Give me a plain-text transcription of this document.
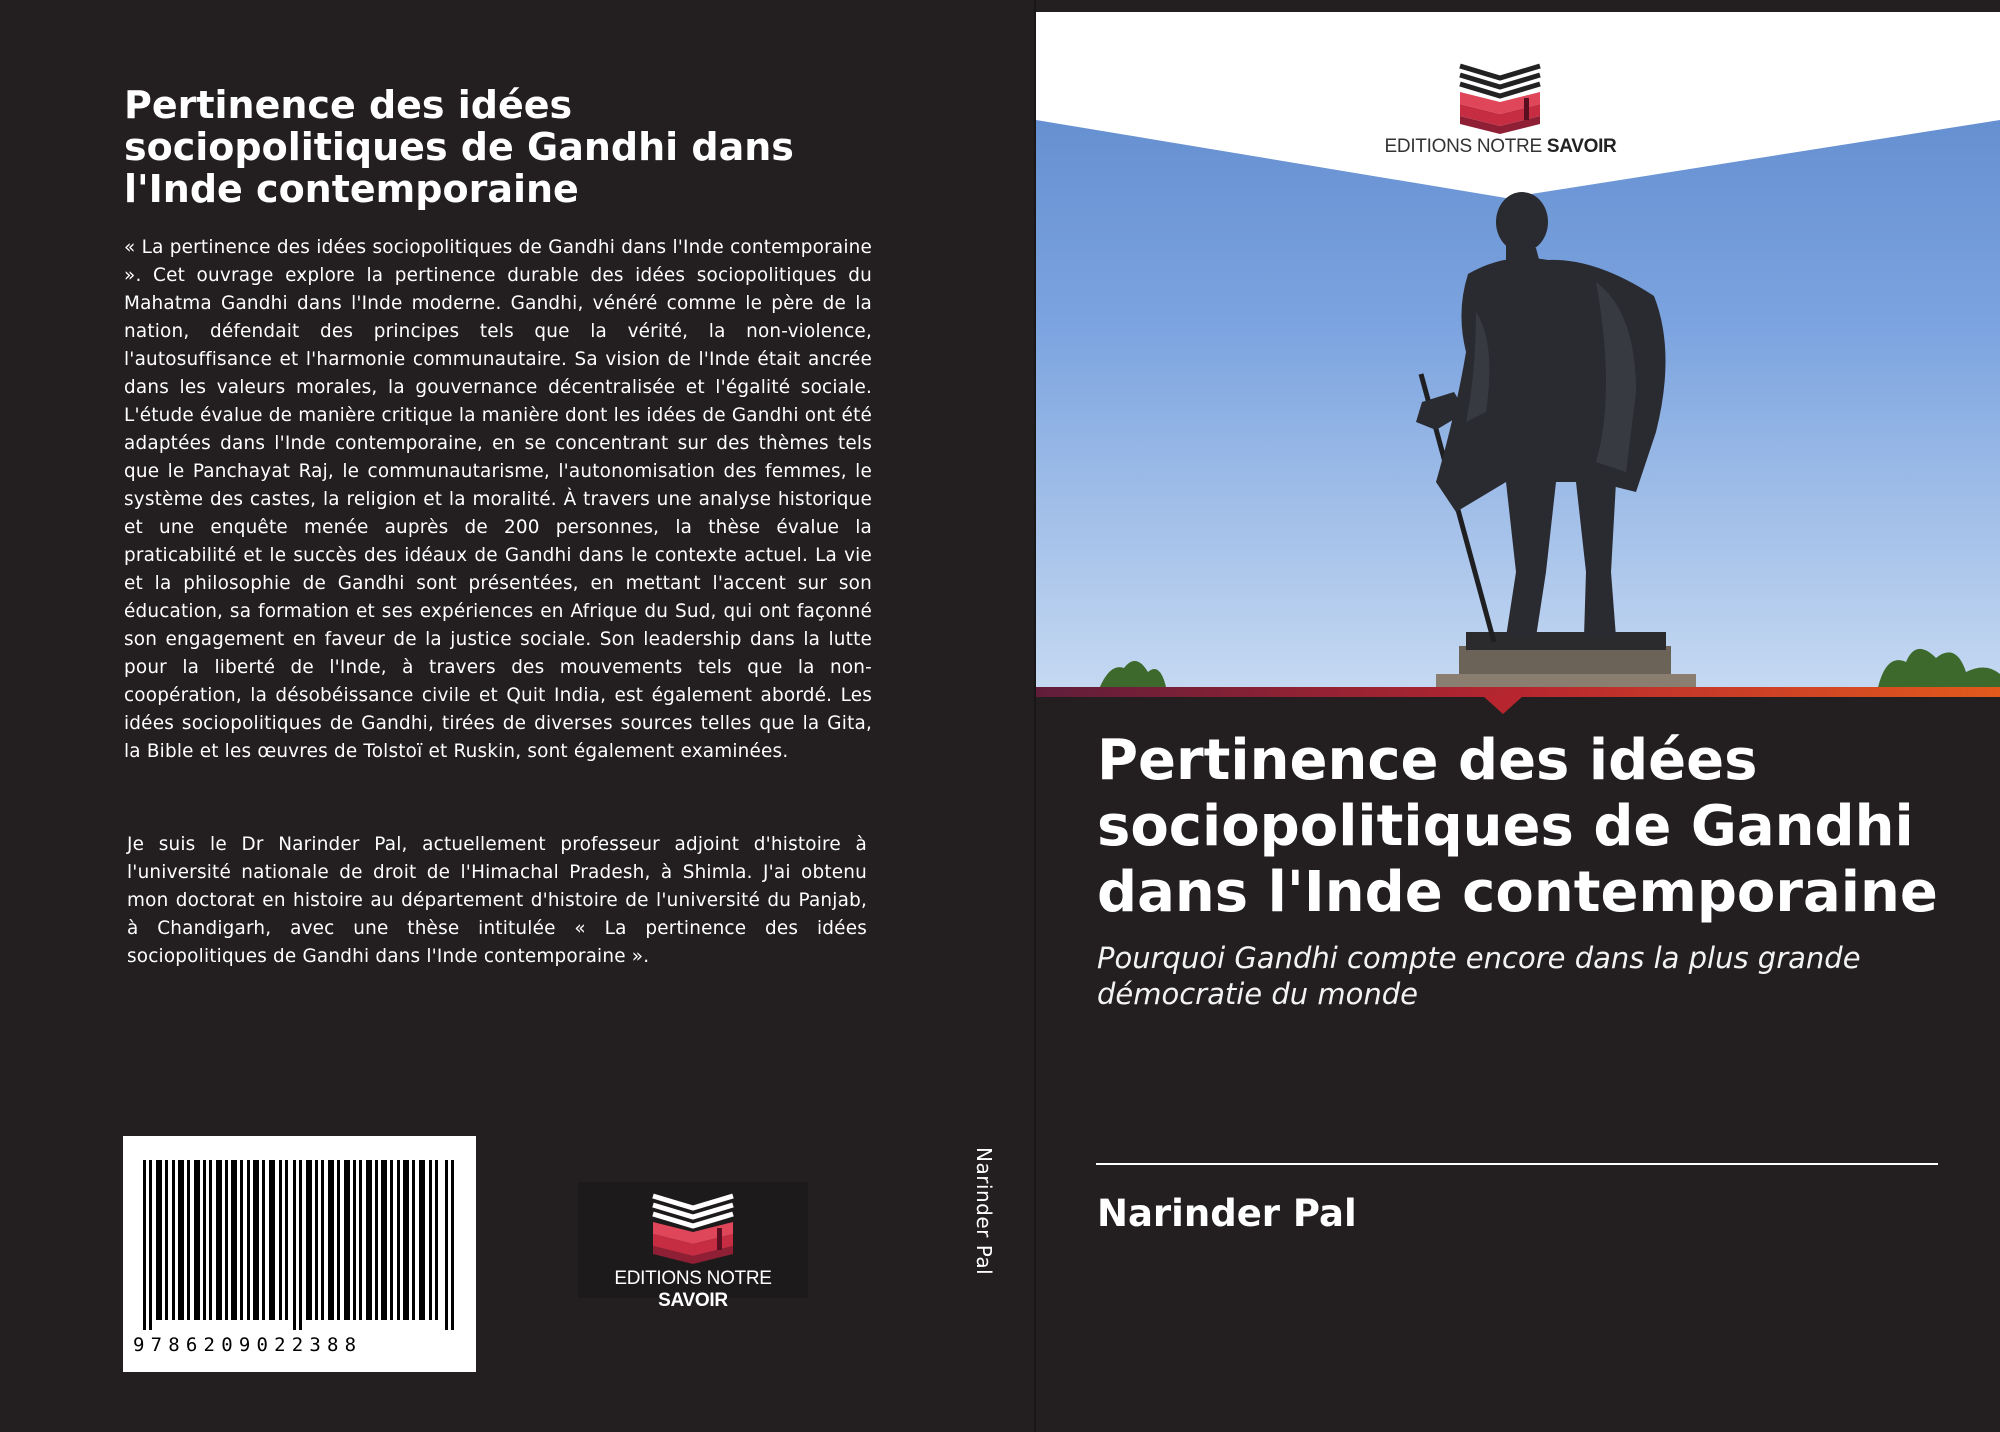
Pertinence des idées sociopolitiques de Gandhi dans l'Inde contemporaine

« La pertinence des idées sociopolitiques de Gandhi dans l'Inde contemporaine ». Cet ouvrage explore la pertinence durable des idées sociopolitiques du Mahatma Gandhi dans l'Inde moderne. Gandhi, vénéré comme le père de la nation, défendait des principes tels que la vérité, la non-violence, l'autosuffisance et l'harmonie communautaire. Sa vision de l'Inde était ancrée dans les valeurs morales, la gouvernance décentralisée et l'égalité sociale. L'étude évalue de manière critique la manière dont les idées de Gandhi ont été adaptées dans l'Inde contemporaine, en se concentrant sur des thèmes tels que le Panchayat Raj, le communautarisme, l'autonomisation des femmes, le système des castes, la religion et la moralité. À travers une analyse historique et une enquête menée auprès de 200 personnes, la thèse évalue la praticabilité et le succès des idéaux de Gandhi dans le contexte actuel. La vie et la philosophie de Gandhi sont présentées, en mettant l'accent sur son éducation, sa formation et ses expériences en Afrique du Sud, qui ont façonné son engagement en faveur de la justice sociale. Son leadership dans la lutte pour la liberté de l'Inde, à travers des mouvements tels que la non-coopération, la désobéissance civile et Quit India, est également abordé. Les idées sociopolitiques de Gandhi, tirées de diverses sources telles que la Gita, la Bible et les œuvres de Tolstoï et Ruskin, sont également examinées.

Je suis le Dr Narinder Pal, actuellement professeur adjoint d'histoire à l'université nationale de droit de l'Himachal Pradesh, à Shimla. J'ai obtenu mon doctorat en histoire au département d'histoire de l'université du Panjab, à Chandigarh, avec une thèse intitulée « La pertinence des idées sociopolitiques de Gandhi dans l'Inde contemporaine ».

9786209022388
EDITIONS NOTRE SAVOIR
Narinder Pal
EDITIONS NOTRE SAVOIR
Pertinence des idées sociopolitiques de Gandhi dans l'Inde contemporaine

Pourquoi Gandhi compte encore dans la plus grande démocratie du monde

Narinder Pal
